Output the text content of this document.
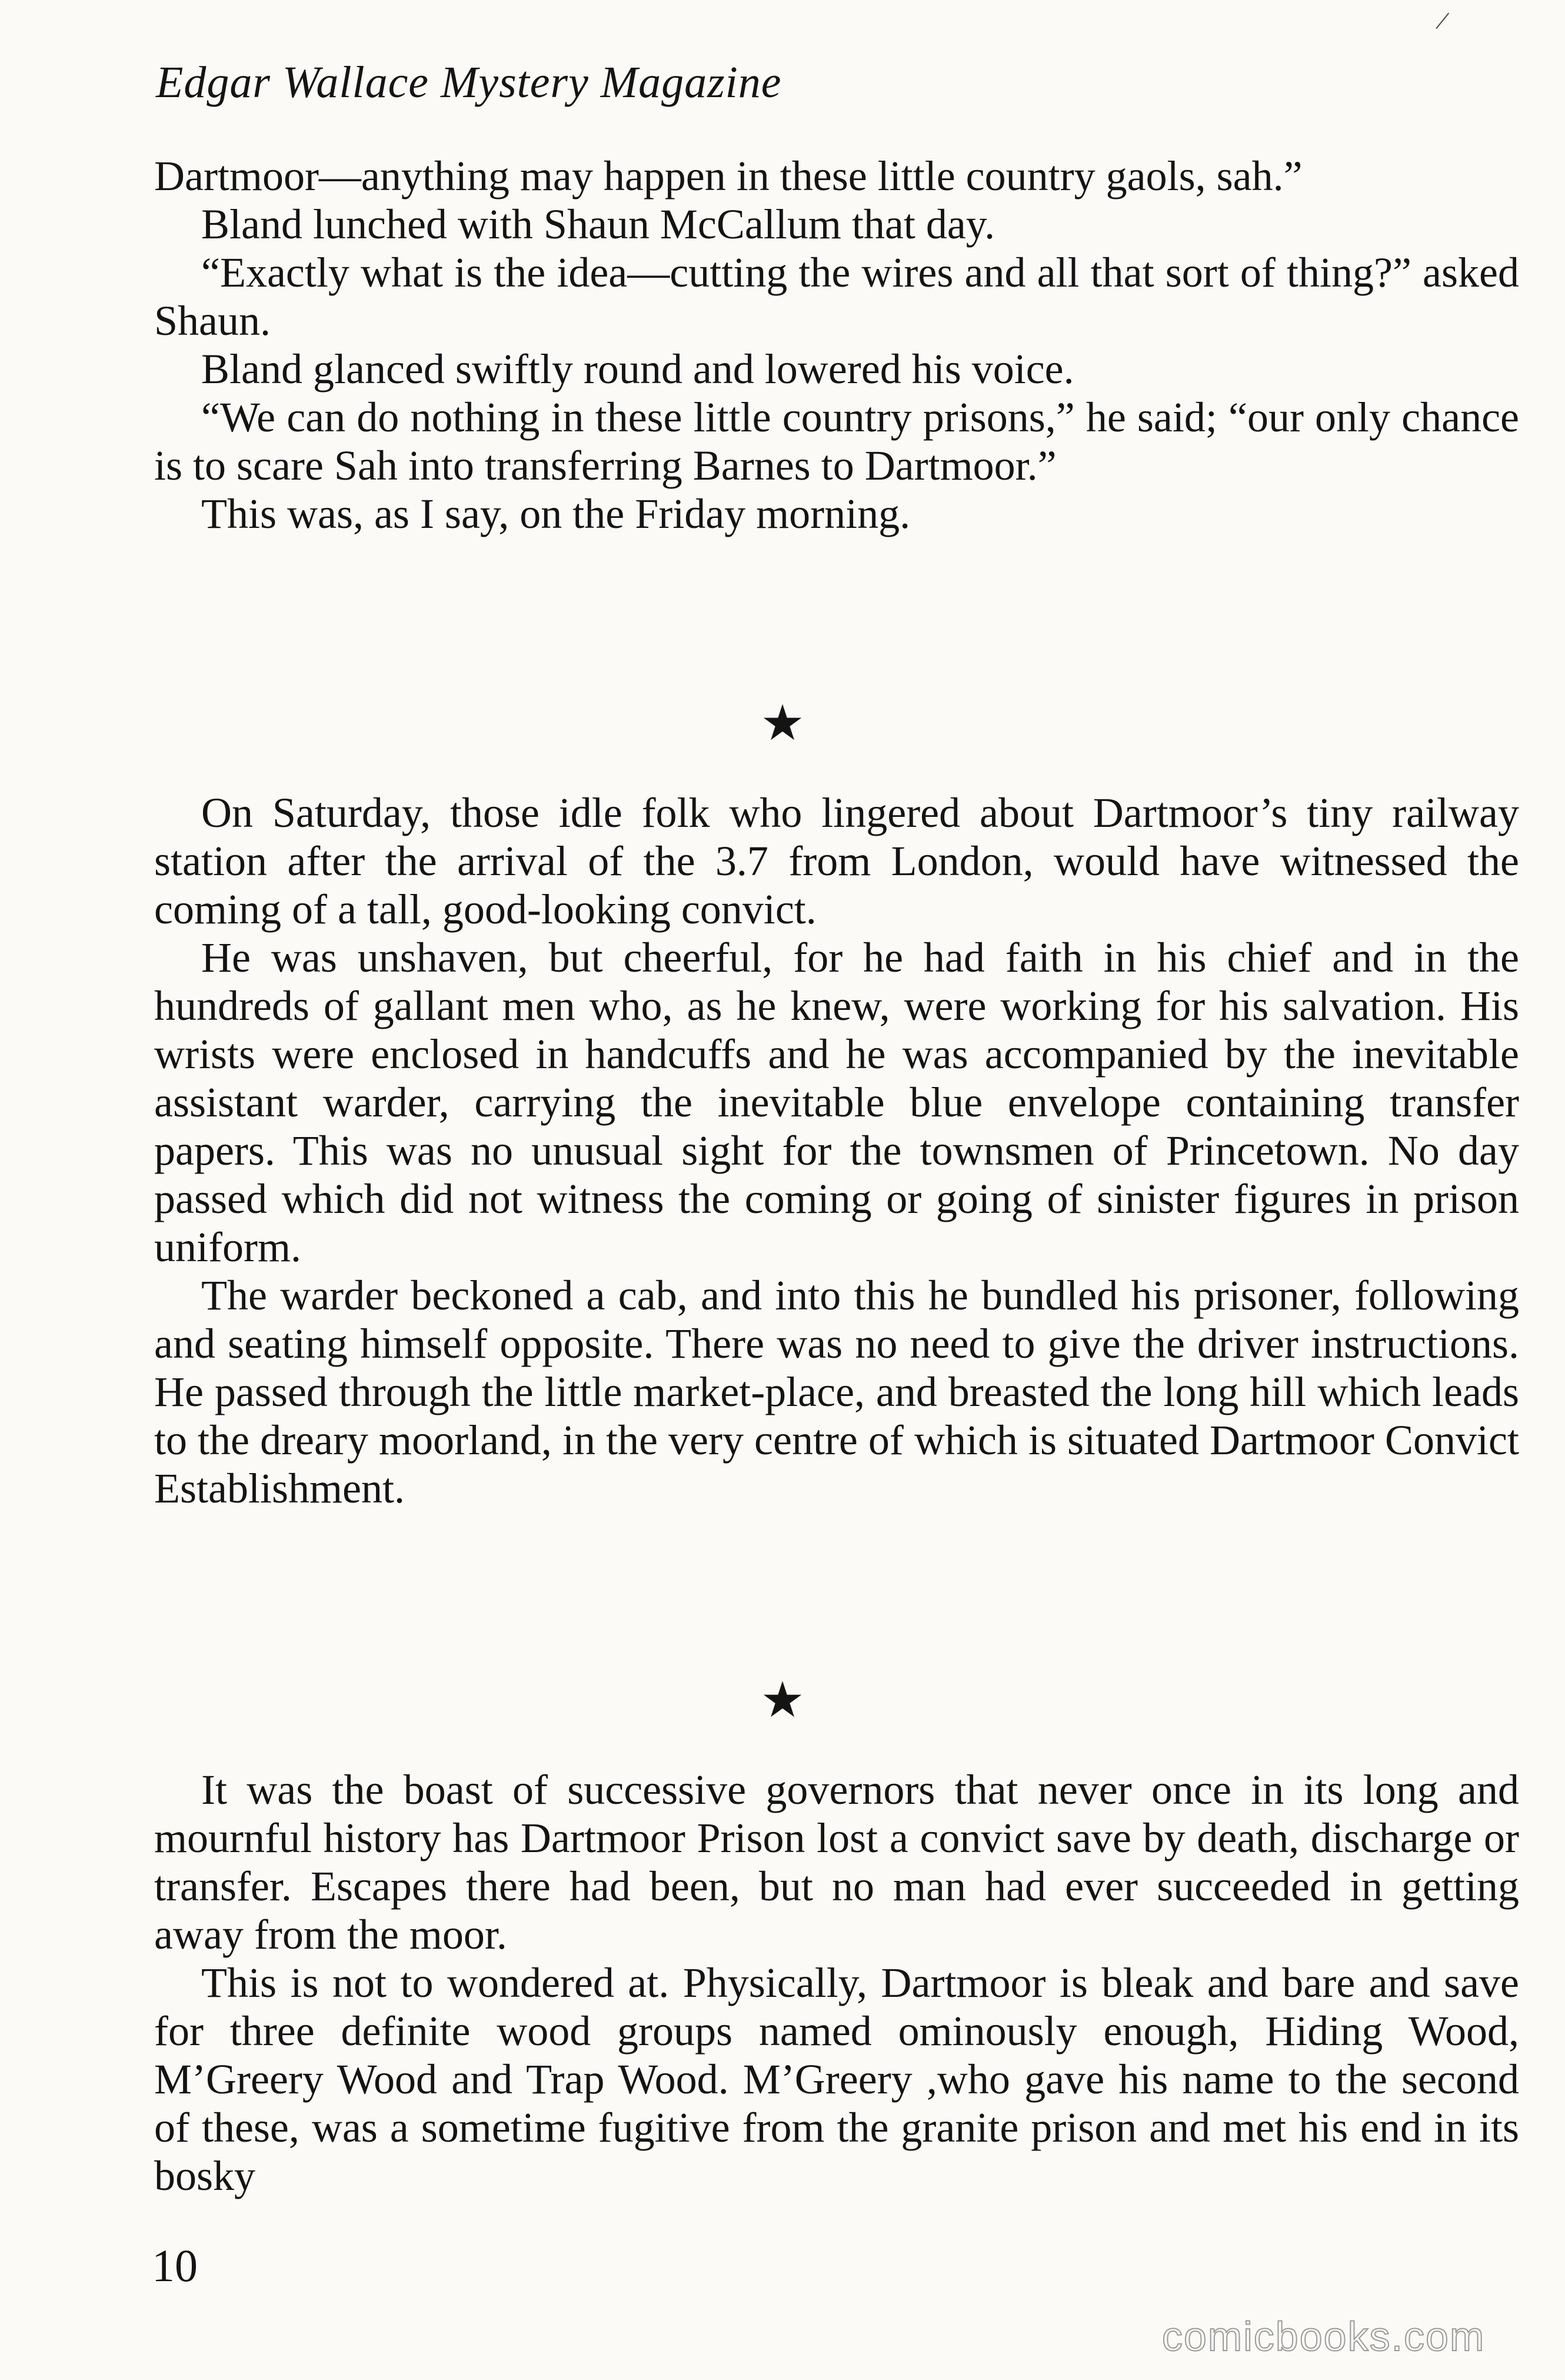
/
Edgar Wallace Mystery Magazine

Dartmoor—anything may happen in these little country gaols, sah.”

Bland lunched with Shaun McCallum that day.

“Exactly what is the idea—cutting the wires and all that sort of thing?” asked Shaun.

Bland glanced swiftly round and lowered his voice.

“We can do nothing in these little country prisons,” he said; “our only chance is to scare Sah into transferring Barnes to Dartmoor.”

This was, as I say, on the Friday morning.

★

On Saturday, those idle folk who lingered about Dartmoor’s tiny railway station after the arrival of the 3.7 from London, would have witnessed the coming of a tall, good-looking convict.

He was unshaven, but cheerful, for he had faith in his chief and in the hundreds of gallant men who, as he knew, were working for his salvation. His wrists were enclosed in handcuffs and he was accompanied by the inevitable assistant warder, carrying the inevitable blue envelope containing transfer papers. This was no unusual sight for the townsmen of Princetown. No day passed which did not witness the coming or going of sinister figures in prison uniform.

The warder beckoned a cab, and into this he bundled his prisoner, following and seating himself opposite. There was no need to give the driver instructions. He passed through the little market-place, and breasted the long hill which leads to the dreary moorland, in the very centre of which is situated Dartmoor Convict Establishment.

★

It was the boast of successive governors that never once in its long and mournful history has Dartmoor Prison lost a convict save by death, discharge or transfer. Escapes there had been, but no man had ever succeeded in getting away from the moor.

This is not to wondered at. Physically, Dartmoor is bleak and bare and save for three definite wood groups named ominously enough, Hiding Wood, M’Greery Wood and Trap Wood. M’Greery ,who gave his name to the second of these, was a sometime fugitive from the granite prison and met his end in its bosky

10
comicbooks.com
